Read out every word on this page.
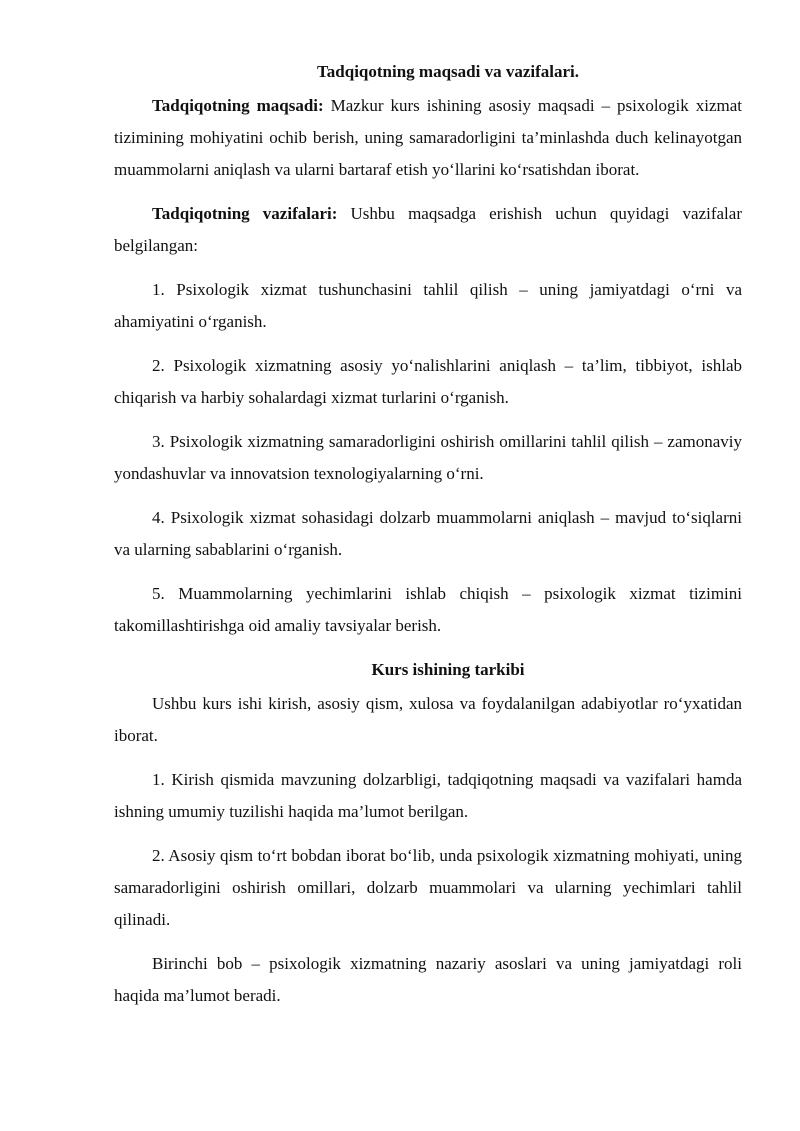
Tadqiqotning maqsadi va vazifalari.

Tadqiqotning maqsadi: Mazkur kurs ishining asosiy maqsadi – psixologik xizmat tizimining mohiyatini ochib berish, uning samaradorligini ta’minlashda duch kelinayotgan muammolarni aniqlash va ularni bartaraf etish yo‘llarini ko‘rsatishdan iborat.

Tadqiqotning vazifalari: Ushbu maqsadga erishish uchun quyidagi vazifalar belgilangan:

1. Psixologik xizmat tushunchasini tahlil qilish – uning jamiyatdagi o‘rni va ahamiyatini o‘rganish.

2. Psixologik xizmatning asosiy yo‘nalishlarini aniqlash – ta’lim, tibbiyot, ishlab chiqarish va harbiy sohalardagi xizmat turlarini o‘rganish.

3. Psixologik xizmatning samaradorligini oshirish omillarini tahlil qilish – zamonaviy yondashuvlar va innovatsion texnologiyalarning o‘rni.

4. Psixologik xizmat sohasidagi dolzarb muammolarni aniqlash – mavjud to‘siqlarni va ularning sabablarini o‘rganish.

5. Muammolarning yechimlarini ishlab chiqish – psixologik xizmat tizimini takomillashtirishga oid amaliy tavsiyalar berish.

Kurs ishining tarkibi

Ushbu kurs ishi kirish, asosiy qism, xulosa va foydalanilgan adabiyotlar ro‘yxatidan iborat.

1. Kirish qismida mavzuning dolzarbligi, tadqiqotning maqsadi va vazifalari hamda ishning umumiy tuzilishi haqida ma’lumot berilgan.

2. Asosiy qism to‘rt bobdan iborat bo‘lib, unda psixologik xizmatning mohiyati, uning samaradorligini oshirish omillari, dolzarb muammolari va ularning yechimlari tahlil qilinadi.

Birinchi bob – psixologik xizmatning nazariy asoslari va uning jamiyatdagi roli haqida ma’lumot beradi.
